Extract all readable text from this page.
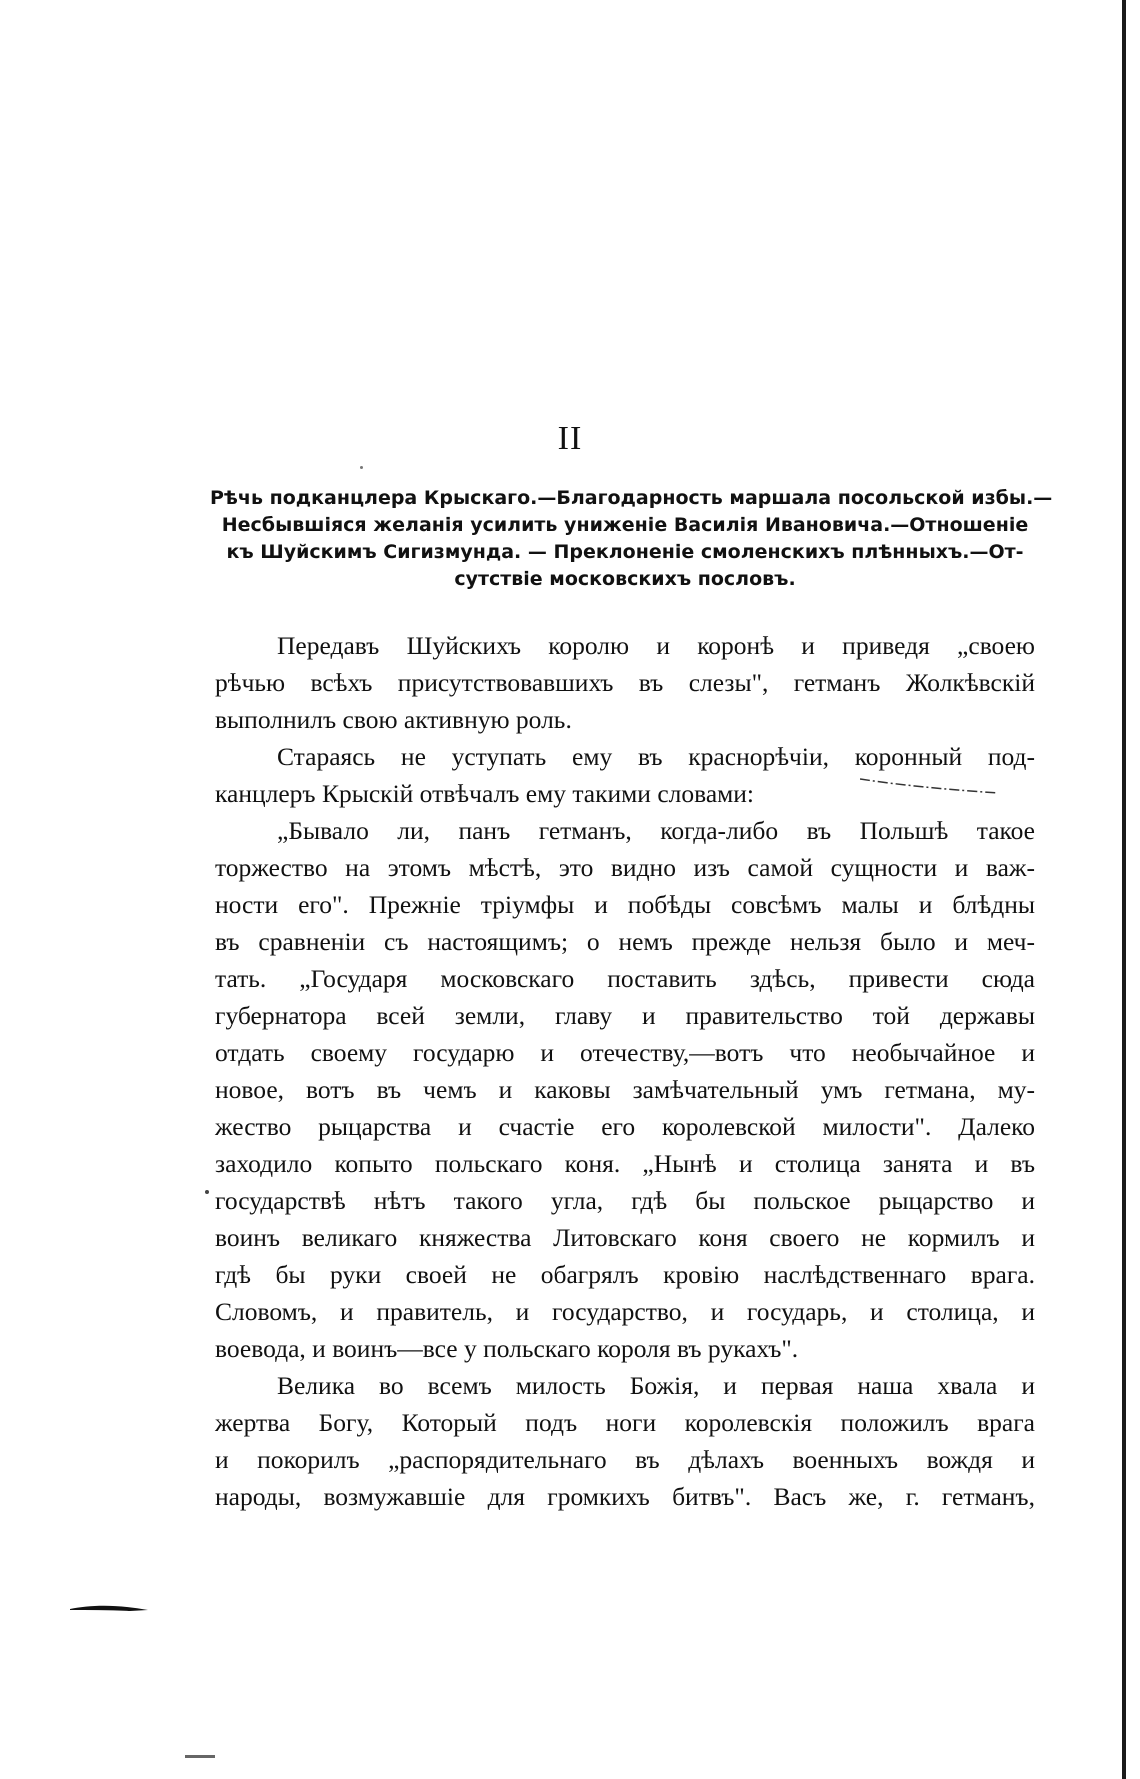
II
Рѣчь подканцлера Крыскаго.—Благодарность маршала посольской избы.—
Несбывшіяся желанія усилить униженіе Василія Ивановича.—Отношеніе
къ Шуйскимъ Сигизмунда. — Преклоненіе смоленскихъ плѣнныхъ.—От-
сутствіе московскихъ пословъ.
Передавъ Шуйскихъ королю и коронѣ и приведя „своею
рѣчью всѣхъ присутствовавшихъ въ слезы", гетманъ Жолкѣвскій
выполнилъ свою активную роль.
Стараясь не уступать ему въ краснорѣчіи, коронный под-
канцлеръ Крыскій отвѣчалъ ему такими словами:
„Бывало ли, панъ гетманъ, когда-либо въ Польшѣ такое
торжество на этомъ мѣстѣ, это видно изъ самой сущности и важ-
ности его". Прежніе тріумфы и побѣды совсѣмъ малы и блѣдны
въ сравненіи съ настоящимъ; о немъ прежде нельзя было и меч-
тать. „Государя московскаго поставить здѣсь, привести сюда
губернатора всей земли, главу и правительство той державы
отдать своему государю и отечеству,—вотъ что необычайное и
новое, вотъ въ чемъ и каковы замѣчательный умъ гетмана, му-
жество рыцарства и счастіе его королевской милости". Далеко
заходило копыто польскаго коня. „Нынѣ и столица занята и въ
государствѣ нѣтъ такого угла, гдѣ бы польское рыцарство и
воинъ великаго княжества Литовскаго коня своего не кормилъ и
гдѣ бы руки своей не обагрялъ кровію наслѣдственнаго врага.
Словомъ, и правитель, и государство, и государь, и столица, и
воевода, и воинъ—все у польскаго короля въ рукахъ".
Велика во всемъ милость Божія, и первая наша хвала и
жертва Богу, Который подъ ноги королевскія положилъ врага
и покорилъ „распорядительнаго въ дѣлахъ военныхъ вождя и
народы, возмужавшіе для громкихъ битвъ". Васъ же, г. гетманъ,
